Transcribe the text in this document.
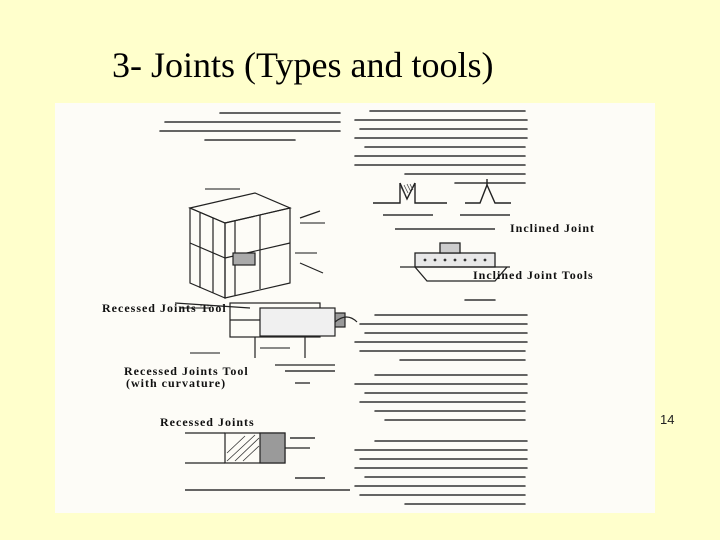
3- Joints (Types and tools)
Inclined Joint
Inclined Joint Tools
Recessed Joints Tool
Recessed Joints Tool
(with curvature)
Recessed Joints	14
